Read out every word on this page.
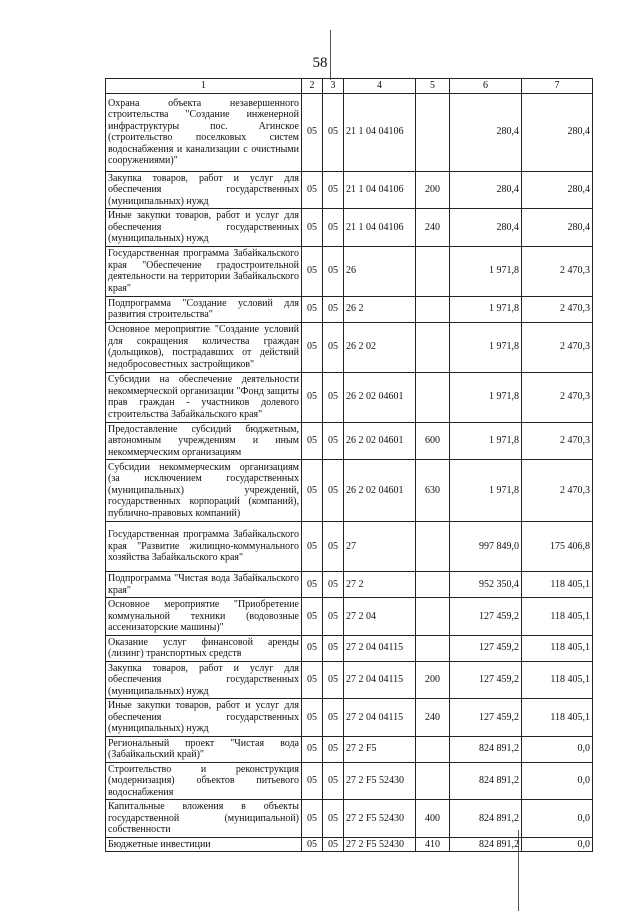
58
1	2	3	4	5	6	7
Охрана объекта незавершенного строительства "Создание инженерной инфраструктуры пос. Агинское (строительство поселковых систем водоснабжения и канализации с очистными сооружениями)"	05	05	21 1 04 04106		280,4	280,4
Закупка товаров, работ и услуг для обеспечения государственных (муниципальных) нужд	05	05	21 1 04 04106	200	280,4	280,4
Иные закупки товаров, работ и услуг для обеспечения государственных (муниципальных) нужд	05	05	21 1 04 04106	240	280,4	280,4
Государственная программа Забайкальского края "Обеспечение градостроительной деятельности на территории Забайкальского края"	05	05	26		1 971,8	2 470,3
Подпрограмма "Создание условий для развития строительства"	05	05	26 2		1 971,8	2 470,3
Основное мероприятие "Создание условий для сокращения количества граждан (дольщиков), пострадавших от действий недобросовестных застройщиков"	05	05	26 2 02		1 971,8	2 470,3
Субсидии на обеспечение деятельности некоммерческой организации "Фонд защиты прав граждан - участников долевого строительства Забайкальского края"	05	05	26 2 02 04601		1 971,8	2 470,3
Предоставление субсидий бюджетным, автономным учреждениям и иным некоммерческим организациям	05	05	26 2 02 04601	600	1 971,8	2 470,3
Субсидии некоммерческим организациям (за исключением государственных (муниципальных) учреждений, государственных корпораций (компаний), публично-правовых компаний)	05	05	26 2 02 04601	630	1 971,8	2 470,3
Государственная программа Забайкальского края "Развитие жилищно-коммунального хозяйства Забайкальского края"	05	05	27		997 849,0	175 406,8
Подпрограмма "Чистая вода Забайкальского края"	05	05	27 2		952 350,4	118 405,1
Основное мероприятие "Приобретение коммунальной техники (водовозные ассенизаторские машины)"	05	05	27 2 04		127 459,2	118 405,1
Оказание услуг финансовой аренды (лизинг) транспортных средств	05	05	27 2 04 04115		127 459,2	118 405,1
Закупка товаров, работ и услуг для обеспечения государственных (муниципальных) нужд	05	05	27 2 04 04115	200	127 459,2	118 405,1
Иные закупки товаров, работ и услуг для обеспечения государственных (муниципальных) нужд	05	05	27 2 04 04115	240	127 459,2	118 405,1
Региональный проект "Чистая вода (Забайкальский край)"	05	05	27 2 F5		824 891,2	0,0
Строительство и реконструкция (модернизация) объектов питьевого водоснабжения	05	05	27 2 F5 52430		824 891,2	0,0
Капитальные вложения в объекты государственной (муниципальной) собственности	05	05	27 2 F5 52430	400	824 891,2	0,0
Бюджетные инвестиции	05	05	27 2 F5 52430	410	824 891,2	0,0
